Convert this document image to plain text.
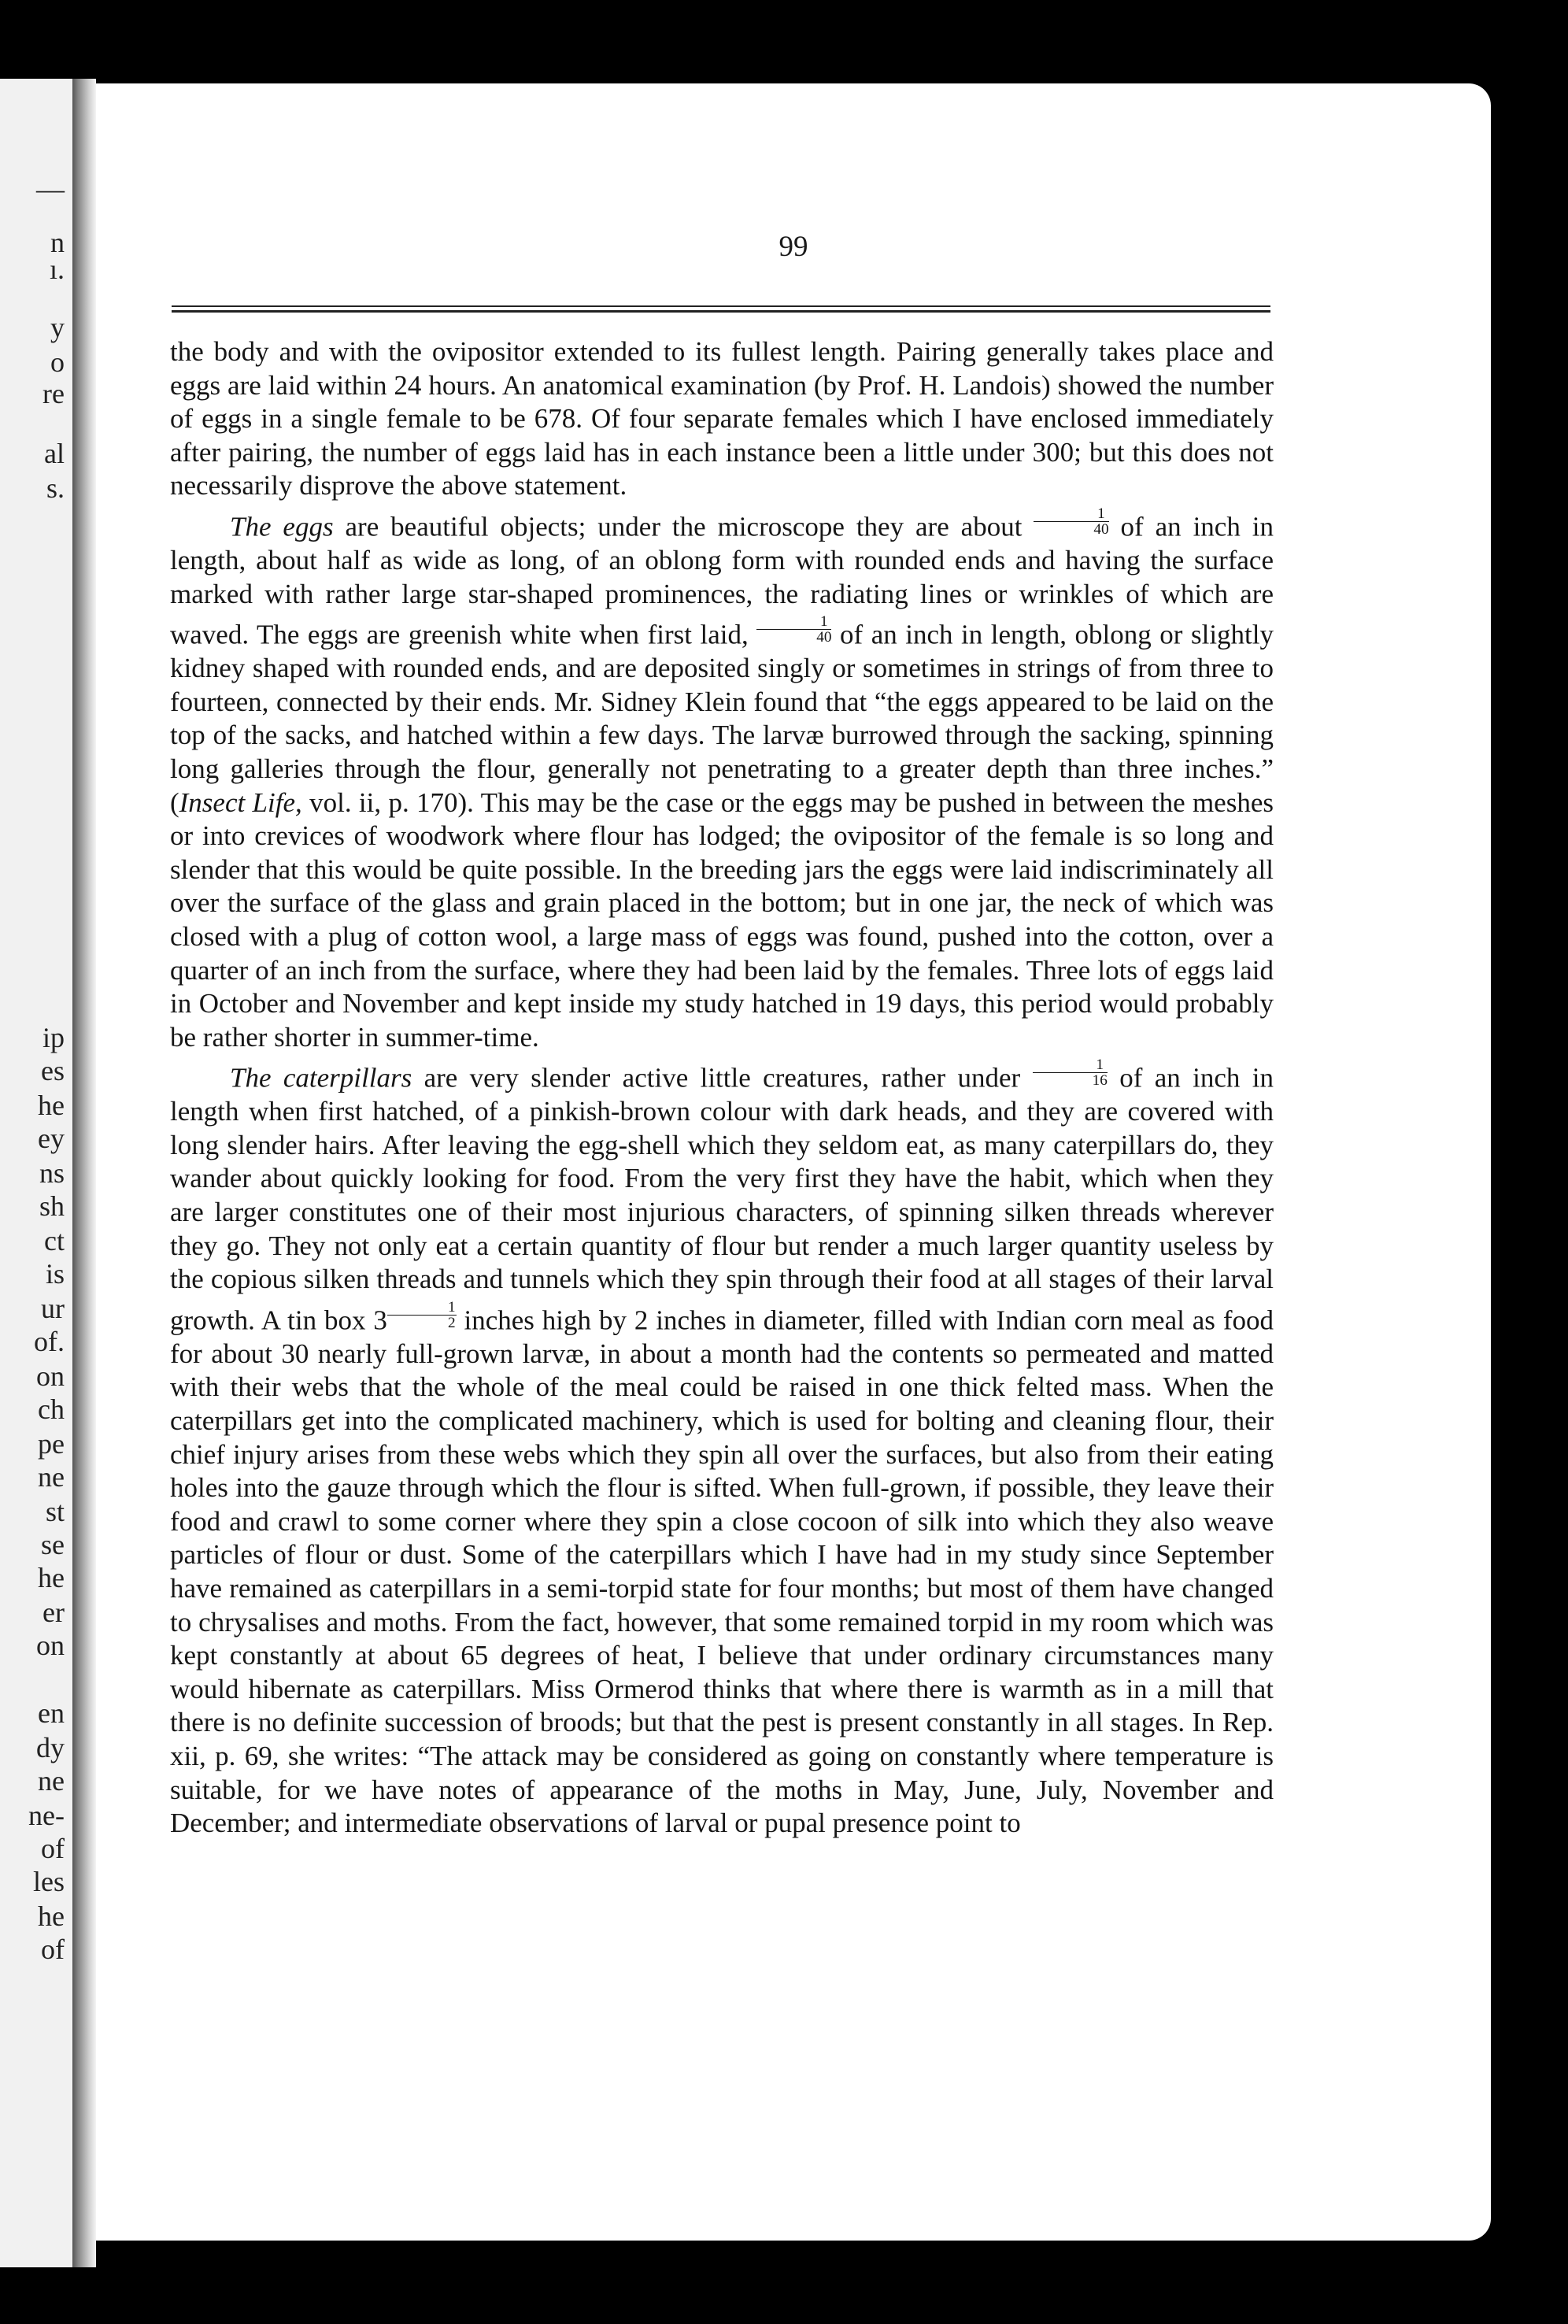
—
n
ı.
y
o
re
al
s.
ip
es
he
ey
ns
sh
ct
is
ur
of.
on
ch
pe
ne
st
se
he
er
on
en
dy
ne
ne-
of
les
he
of
99

the body and with the ovipositor extended to its fullest length. Pairing generally takes place and eggs are laid within 24 hours. An anatomical examination (by Prof. H. Landois) showed the number of eggs in a single female to be 678. Of four separate females which I have enclosed immediately after pairing, the number of eggs laid has in each instance been a little under 300; but this does not necessarily disprove the above statement.

The eggs are beautiful objects; under the microscope they are about $\frac{1}{40}$ of an inch in length, about half as wide as long, of an oblong form with rounded ends and having the surface marked with rather large star-shaped prominences, the radiating lines or wrinkles of which are waved. The eggs are greenish white when first laid, $\frac{1}{40}$ of an inch in length, oblong or slightly kidney shaped with rounded ends, and are deposited singly or sometimes in strings of from three to fourteen, connected by their ends. Mr. Sidney Klein found that “the eggs appeared to be laid on the top of the sacks, and hatched within a few days. The larvæ burrowed through the sacking, spinning long galleries through the flour, generally not penetrating to a greater depth than three inches.” (Insect Life, vol. ii, p. 170). This may be the case or the eggs may be pushed in between the meshes or into crevices of woodwork where flour has lodged; the ovipositor of the female is so long and slender that this would be quite possible. In the breeding jars the eggs were laid indiscriminately all over the surface of the glass and grain placed in the bottom; but in one jar, the neck of which was closed with a plug of cotton wool, a large mass of eggs was found, pushed into the cotton, over a quarter of an inch from the surface, where they had been laid by the females. Three lots of eggs laid in October and November and kept inside my study hatched in 19 days, this period would probably be rather shorter in summer-time.

The caterpillars are very slender active little creatures, rather under $\frac{1}{16}$ of an inch in length when first hatched, of a pinkish-brown colour with dark heads, and they are covered with long slender hairs. After leaving the egg-shell which they seldom eat, as many caterpillars do, they wander about quickly looking for food. From the very first they have the habit, which when they are larger constitutes one of their most injurious characters, of spinning silken threads wherever they go. They not only eat a certain quantity of flour but render a much larger quantity useless by the copious silken threads and tunnels which they spin through their food at all stages of their larval growth. A tin box $3 \frac{1}{2}$ inches high by 2 inches in diameter, filled with Indian corn meal as food for about 30 nearly full-grown larvæ, in about a month had the contents so permeated and matted with their webs that the whole of the meal could be raised in one thick felted mass. When the caterpillars get into the complicated machinery, which is used for bolting and cleaning flour, their chief injury arises from these webs which they spin all over the surfaces, but also from their eating holes into the gauze through which the flour is sifted. When full-grown, if possible, they leave their food and crawl to some corner where they spin a close cocoon of silk into which they also weave particles of flour or dust. Some of the caterpillars which I have had in my study since September have remained as caterpillars in a semi-torpid state for four months; but most of them have changed to chrysalises and moths. From the fact, however, that some remained torpid in my room which was kept constantly at about 65 degrees of heat, I believe that under ordinary circumstances many would hibernate as caterpillars. Miss Ormerod thinks that where there is warmth as in a mill that there is no definite succession of broods; but that the pest is present constantly in all stages. In Rep. xii, p. 69, she writes: “The attack may be considered as going on constantly where temperature is suitable, for we have notes of appearance of the moths in May, June, July, November and December; and intermediate observations of larval or pupal presence point to
